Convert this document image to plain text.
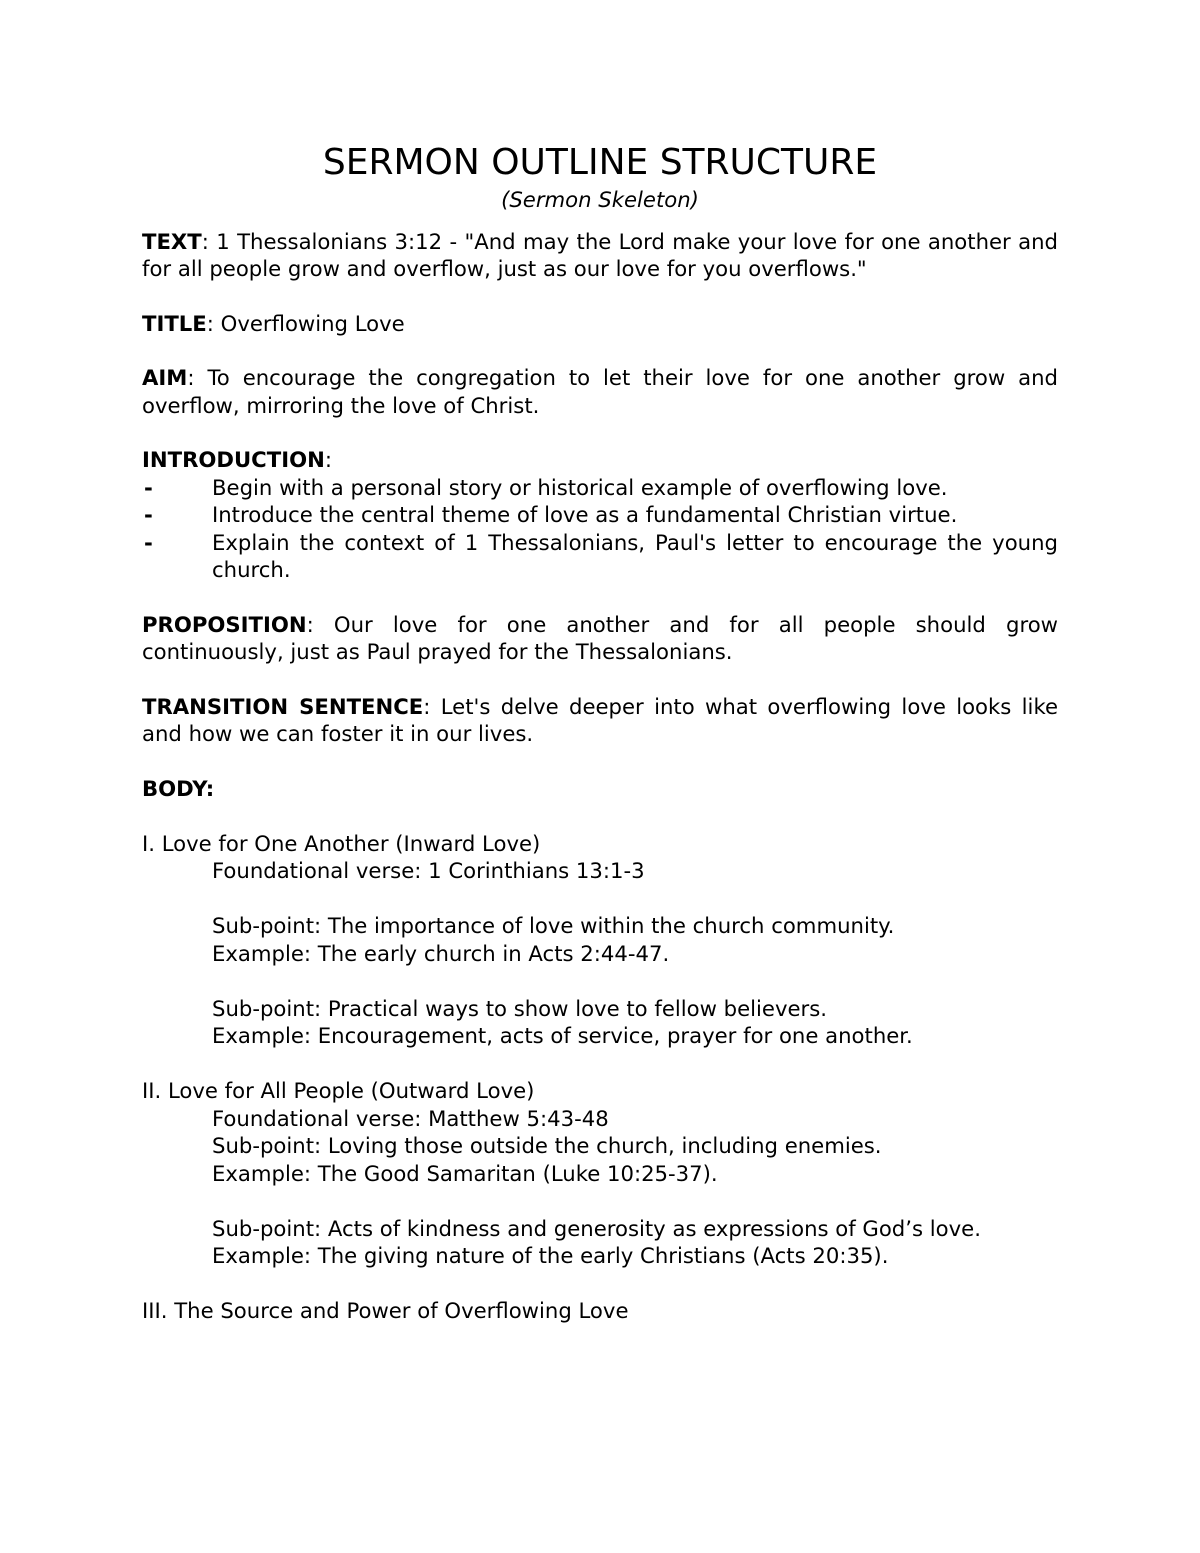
SERMON OUTLINE STRUCTURE

(Sermon Skeleton)

TEXT: 1 Thessalonians 3:12 - "And may the Lord make your love for one another and for all people grow and overflow, just as our love for you overflows."

TITLE: Overflowing Love

AIM: To encourage the congregation to let their love for one another grow and overflow, mirroring the love of Christ.

INTRODUCTION:

-	Begin with a personal story or historical example of overflowing love.
-	Introduce the central theme of love as a fundamental Christian virtue.
-	Explain the context of 1 Thessalonians, Paul's letter to encourage the young church.

PROPOSITION: Our love for one another and for all people should grow continuously, just as Paul prayed for the Thessalonians.

TRANSITION SENTENCE: Let's delve deeper into what overflowing love looks like and how we can foster it in our lives.

BODY:

I. Love for One Another (Inward Love)

Foundational verse: 1 Corinthians 13:1-3

Sub-point: The importance of love within the church community.

Example: The early church in Acts 2:44-47.

Sub-point: Practical ways to show love to fellow believers.

Example: Encouragement, acts of service, prayer for one another.

II. Love for All People (Outward Love)

Foundational verse: Matthew 5:43-48

Sub-point: Loving those outside the church, including enemies.

Example: The Good Samaritan (Luke 10:25-37).

Sub-point: Acts of kindness and generosity as expressions of God’s love.

Example: The giving nature of the early Christians (Acts 20:35).

III. The Source and Power of Overflowing Love
